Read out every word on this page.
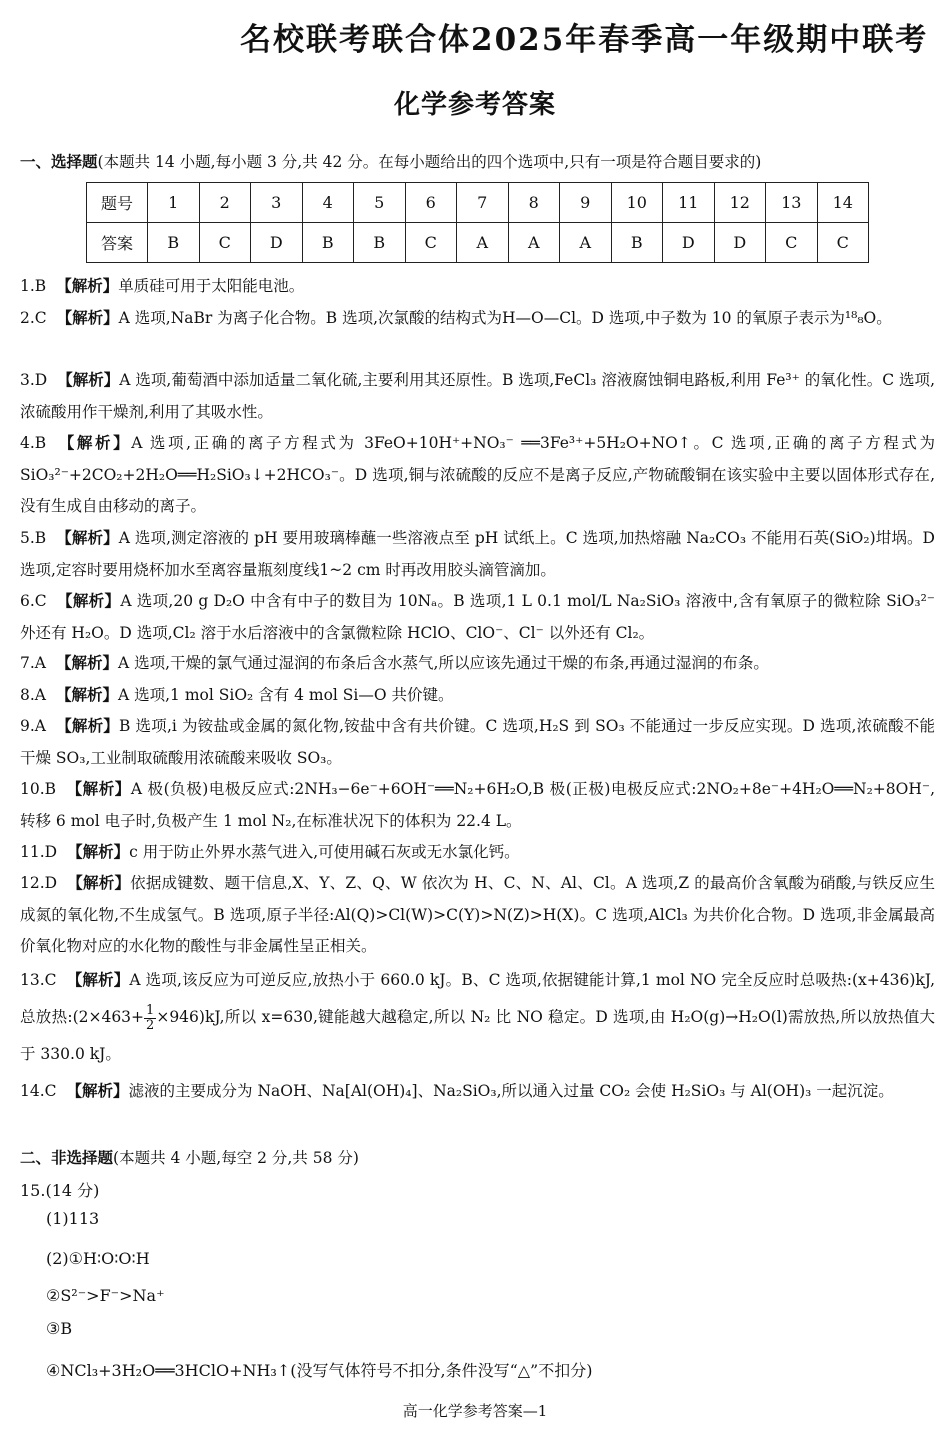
名校联考联合体2025年春季高一年级期中联考
化学参考答案
一、选择题(本题共 14 小题,每小题 3 分,共 42 分。在每小题给出的四个选项中,只有一项是符合题目要求的)
题号	1	2	3	4	5	6	7	8	9	10	11	12	13	14
答案	B	C	D	B	B	C	A	A	A	B	D	D	C	C
1.B 【解析】单质硅可用于太阳能电池。
2.C 【解析】A 选项,NaBr 为离子化合物。B 选项,次氯酸的结构式为H—O—Cl。D 选项,中子数为 10 的氧原子表示为¹⁸₈O。
3.D 【解析】A 选项,葡萄酒中添加适量二氧化硫,主要利用其还原性。B 选项,FeCl₃ 溶液腐蚀铜电路板,利用 Fe³⁺ 的氧化性。C 选项,浓硫酸用作干燥剂,利用了其吸水性。
4.B 【解析】A 选项,正确的离子方程式为 3FeO+10H⁺+NO₃⁻ ══3Fe³⁺+5H₂O+NO↑。C 选项,正确的离子方程式为 SiO₃²⁻+2CO₂+2H₂O══H₂SiO₃↓+2HCO₃⁻。D 选项,铜与浓硫酸的反应不是离子反应,产物硫酸铜在该实验中主要以固体形式存在,没有生成自由移动的离子。
5.B 【解析】A 选项,测定溶液的 pH 要用玻璃棒蘸一些溶液点至 pH 试纸上。C 选项,加热熔融 Na₂CO₃ 不能用石英(SiO₂)坩埚。D 选项,定容时要用烧杯加水至离容量瓶刻度线1~2 cm 时再改用胶头滴管滴加。
6.C 【解析】A 选项,20 g D₂O 中含有中子的数目为 10Nₐ。B 选项,1 L 0.1 mol/L Na₂SiO₃ 溶液中,含有氧原子的微粒除 SiO₃²⁻ 外还有 H₂O。D 选项,Cl₂ 溶于水后溶液中的含氯微粒除 HClO、ClO⁻、Cl⁻ 以外还有 Cl₂。
7.A 【解析】A 选项,干燥的氯气通过湿润的布条后含水蒸气,所以应该先通过干燥的布条,再通过湿润的布条。
8.A 【解析】A 选项,1 mol SiO₂ 含有 4 mol Si—O 共价键。
9.A 【解析】B 选项,i 为铵盐或金属的氮化物,铵盐中含有共价键。C 选项,H₂S 到 SO₃ 不能通过一步反应实现。D 选项,浓硫酸不能干燥 SO₃,工业制取硫酸用浓硫酸来吸收 SO₃。
10.B 【解析】A 极(负极)电极反应式:2NH₃−6e⁻+6OH⁻══N₂+6H₂O,B 极(正极)电极反应式:2NO₂+8e⁻+4H₂O══N₂+8OH⁻,转移 6 mol 电子时,负极产生 1 mol N₂,在标准状况下的体积为 22.4 L。
11.D 【解析】c 用于防止外界水蒸气进入,可使用碱石灰或无水氯化钙。
12.D 【解析】依据成键数、题干信息,X、Y、Z、Q、W 依次为 H、C、N、Al、Cl。A 选项,Z 的最高价含氧酸为硝酸,与铁反应生成氮的氧化物,不生成氢气。B 选项,原子半径:Al(Q)>Cl(W)>C(Y)>N(Z)>H(X)。C 选项,AlCl₃ 为共价化合物。D 选项,非金属最高价氧化物对应的水化物的酸性与非金属性呈正相关。
13.C 【解析】A 选项,该反应为可逆反应,放热小于 660.0 kJ。B、C 选项,依据键能计算,1 mol NO 完全反应时总吸热:(x+436)kJ,总放热:(2×463+ $\frac{1}{2} \times 946)kJ$,所以 x=630,键能越大越稳定,所以 N₂ 比 NO 稳定。D 选项,由 H₂O(g)→H₂O(l)需放热,所以放热值大于 330.0 kJ。
14.C 【解析】滤液的主要成分为 NaOH、Na[Al(OH)₄]、Na₂SiO₃,所以通入过量 CO₂ 会使 H₂SiO₃ 与 Al(OH)₃ 一起沉淀。
二、非选择题(本题共 4 小题,每空 2 分,共 58 分)
15.(14 分)
(1)113
(2)①H∶O∶O∶H
②S²⁻>F⁻>Na⁺
③B
④NCl₃+3H₂O══3HClO+NH₃↑(没写气体符号不扣分,条件没写“△”不扣分)
高一化学参考答案—1
